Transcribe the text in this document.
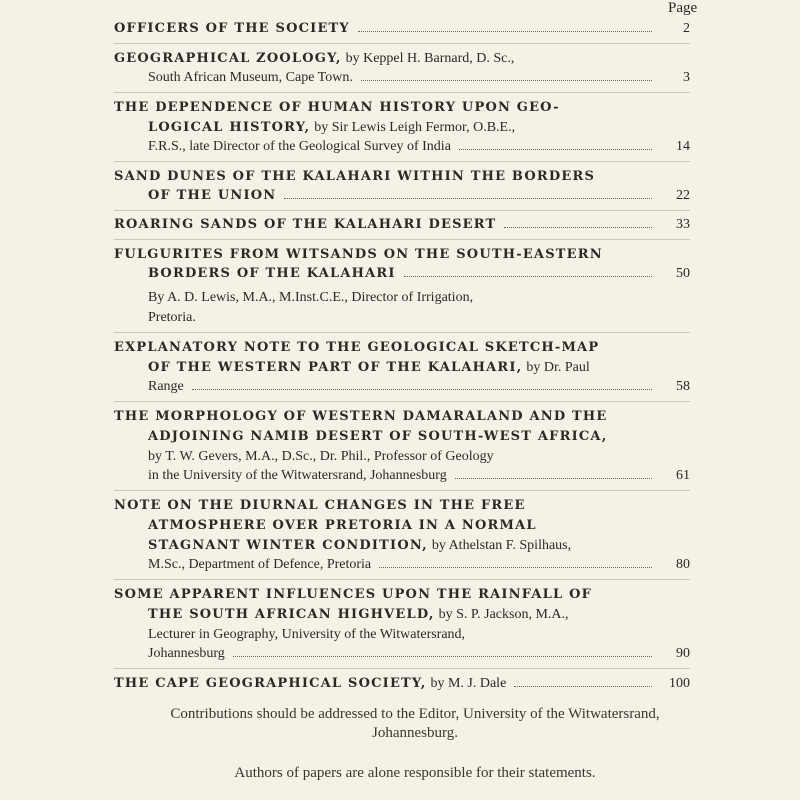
Page
OFFICERS OF THE SOCIETY	2
GEOGRAPHICAL ZOOLOGY, by Keppel H. Barnard, D. Sc.,
South African Museum, Cape Town.	3
THE DEPENDENCE OF HUMAN HISTORY UPON GEO-
LOGICAL HISTORY, by Sir Lewis Leigh Fermor, O.B.E.,
F.R.S., late Director of the Geological Survey of India	14
SAND DUNES OF THE KALAHARI WITHIN THE BORDERS
OF THE UNION	22
ROARING SANDS OF THE KALAHARI DESERT	33
FULGURITES FROM WITSANDS ON THE SOUTH-EASTERN
BORDERS OF THE KALAHARI	50
By A. D. Lewis, M.A., M.Inst.C.E., Director of Irrigation,
Pretoria.
EXPLANATORY NOTE TO THE GEOLOGICAL SKETCH-MAP
OF THE WESTERN PART OF THE KALAHARI, by Dr. Paul
Range	58
THE MORPHOLOGY OF WESTERN DAMARALAND AND THE
ADJOINING NAMIB DESERT OF SOUTH-WEST AFRICA,
by T. W. Gevers, M.A., D.Sc., Dr. Phil., Professor of Geology
in the University of the Witwatersrand, Johannesburg	61
NOTE ON THE DIURNAL CHANGES IN THE FREE
ATMOSPHERE OVER PRETORIA IN A NORMAL
STAGNANT WINTER CONDITION, by Athelstan F. Spilhaus,
M.Sc., Department of Defence, Pretoria	80
SOME APPARENT INFLUENCES UPON THE RAINFALL OF
THE SOUTH AFRICAN HIGHVELD, by S. P. Jackson, M.A.,
Lecturer in Geography, University of the Witwatersrand,
Johannesburg	90
THE CAPE GEOGRAPHICAL SOCIETY, by M. J. Dale	100
Contributions should be addressed to the Editor, University of the Witwatersrand, Johannesburg.
Authors of papers are alone responsible for their statements.
